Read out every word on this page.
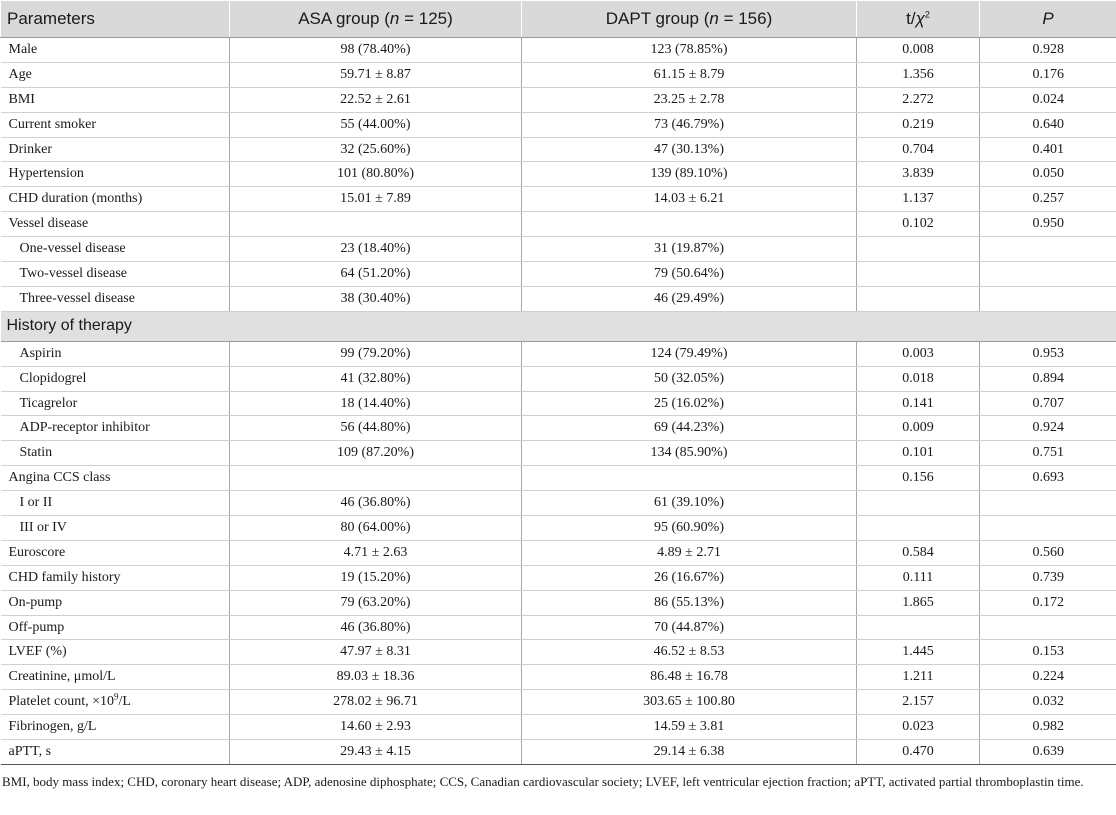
Parameters	ASA group (n = 125)	DAPT group (n = 156)	$t/\chi^2$	P
Male	98 (78.40%)	123 (78.85%)	0.008	0.928
Age	59.71 ± 8.87	61.15 ± 8.79	1.356	0.176
BMI	22.52 ± 2.61	23.25 ± 2.78	2.272	0.024
Current smoker	55 (44.00%)	73 (46.79%)	0.219	0.640
Drinker	32 (25.60%)	47 (30.13%)	0.704	0.401
Hypertension	101 (80.80%)	139 (89.10%)	3.839	0.050
CHD duration (months)	15.01 ± 7.89	14.03 ± 6.21	1.137	0.257
Vessel disease			0.102	0.950
One-vessel disease	23 (18.40%)	31 (19.87%)		
Two-vessel disease	64 (51.20%)	79 (50.64%)		
Three-vessel disease	38 (30.40%)	46 (29.49%)		
History of therapy				
Aspirin	99 (79.20%)	124 (79.49%)	0.003	0.953
Clopidogrel	41 (32.80%)	50 (32.05%)	0.018	0.894
Ticagrelor	18 (14.40%)	25 (16.02%)	0.141	0.707
ADP-receptor inhibitor	56 (44.80%)	69 (44.23%)	0.009	0.924
Statin	109 (87.20%)	134 (85.90%)	0.101	0.751
Angina CCS class			0.156	0.693
I or II	46 (36.80%)	61 (39.10%)		
III or IV	80 (64.00%)	95 (60.90%)		
Euroscore	4.71 ± 2.63	4.89 ± 2.71	0.584	0.560
CHD family history	19 (15.20%)	26 (16.67%)	0.111	0.739
On-pump	79 (63.20%)	86 (55.13%)	1.865	0.172
Off-pump	46 (36.80%)	70 (44.87%)		
LVEF (%)	47.97 ± 8.31	46.52 ± 8.53	1.445	0.153
Creatinine, μmol/L	89.03 ± 18.36	86.48 ± 16.78	1.211	0.224
Platelet count, $\times 10^9/L$	278.02 ± 96.71	303.65 ± 100.80	2.157	0.032
Fibrinogen, g/L	14.60 ± 2.93	14.59 ± 3.81	0.023	0.982
aPTT, s	29.43 ± 4.15	29.14 ± 6.38	0.470	0.639

BMI, body mass index; CHD, coronary heart disease; ADP, adenosine diphosphate; CCS, Canadian cardiovascular society; LVEF, left ventricular ejection fraction; aPTT, activated partial thromboplastin time.
